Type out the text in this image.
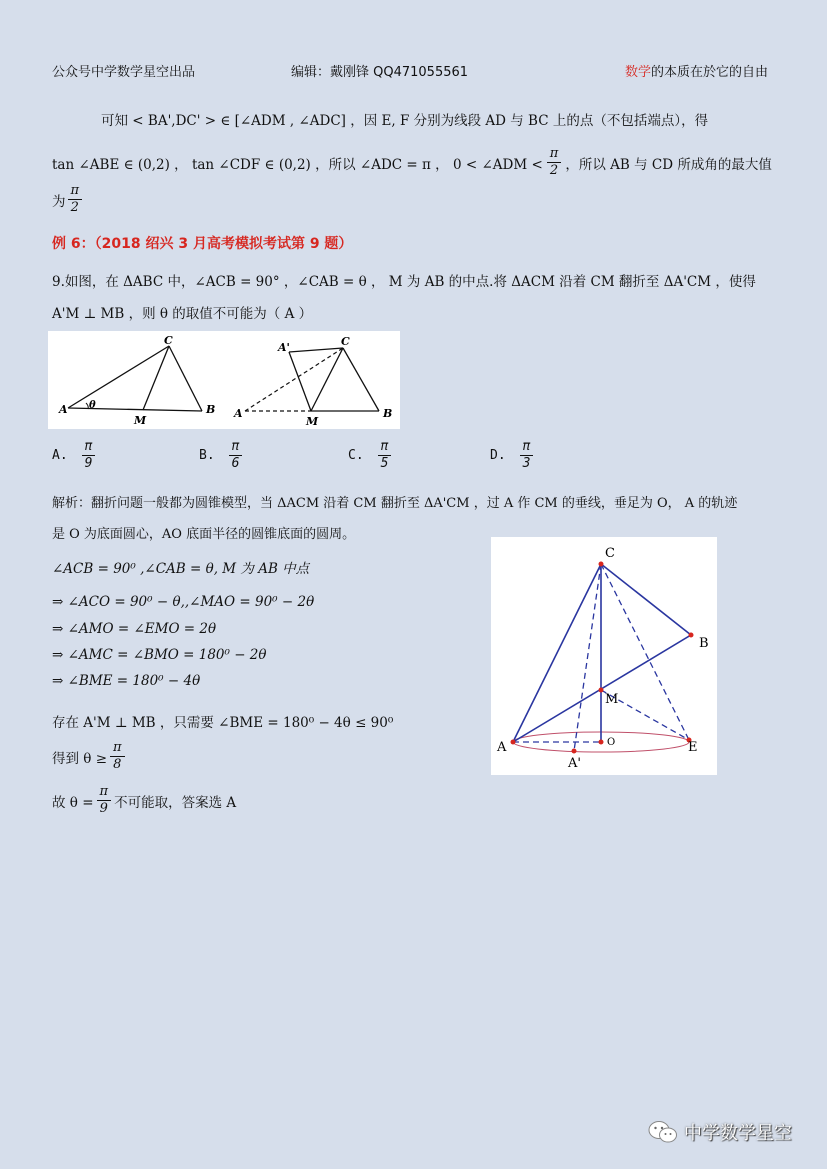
公众号中学数学星空出品	编辑：戴刚锋 QQ471055561	数学的本质在於它的自由
可知 < BA',DC' > ∈ [∠ADM , ∠ADC] ，因 E, F 分别为线段 AD 与 BC 上的点（不包括端点），得
tan ∠ABE ∈ (0,2) ， tan ∠CDF ∈ (0,2) ，所以 ∠ADC = π ， 0 < ∠ADM < $\frac{\pi}{2}$ ，所以 AB 与 CD 所成角的最大值
为 $\frac{\pi}{2}$
例 6：（2018 绍兴 3 月高考模拟考试第 9 题）
9.如图，在 ΔABC 中，∠ACB = 90° ，∠CAB = θ ， M 为 AB 的中点.将 ΔACM 沿着 CM 翻折至 ΔA'CM ，使得
A'M ⊥ MB ，则 θ 的取值不可能为（ A ）
C
A θ
M
B
A'	C
A
M
B
A. $\frac{\pi}{9}$	B. $\frac{\pi}{6}$	C. $\frac{\pi}{5}$	D. $\frac{\pi}{3}$
解析：翻折问题一般都为圆锥模型，当 ΔACM 沿着 CM 翻折至 ΔA'CM ，过 A 作 CM 的垂线，垂足为 O， A 的轨迹
是 O 为底面圆心，AO 底面半径的圆锥底面的圆周。
∠ACB = 90⁰ ,∠CAB = θ, M 为 AB 中点
⇒ ∠ACO = 90⁰ − θ,,∠MAO = 90⁰ − 2θ
⇒ ∠AMO = ∠EMO = 2θ
⇒ ∠AMC = ∠BMO = 180⁰ − 2θ
⇒ ∠BME = 180⁰ − 4θ
存在 A'M ⊥ MB ，只需要 ∠BME = 180⁰ − 4θ ≤ 90⁰
得到 $\theta \ge \frac{\pi}{8}$
故 $\theta = \frac{\pi}{9}$ 不可能取，答案选 A
C
B
M
A	O	E
A'
中学数学星空
